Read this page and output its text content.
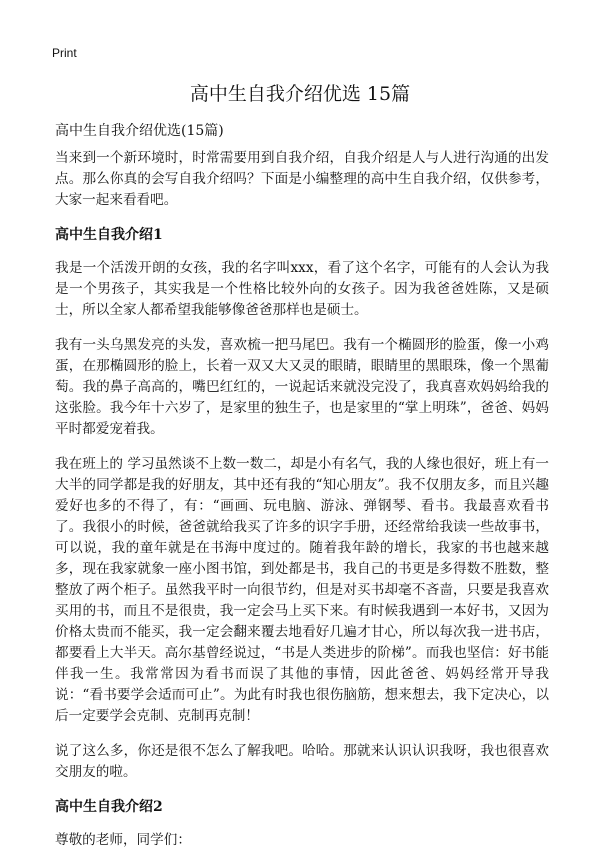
Print
高中生自我介绍优选 15篇

高中生自我介绍优选(15篇)

当来到一个新环境时，时常需要用到自我介绍，自我介绍是人与人进行沟通的出发点。那么你真的会写自我介绍吗？下面是小编整理的高中生自我介绍，仅供参考，大家一起来看看吧。

高中生自我介绍1

我是一个活泼开朗的女孩，我的名字叫xxx，看了这个名字，可能有的人会认为我是一个男孩子，其实我是一个性格比较外向的女孩子。因为我爸爸姓陈，又是硕士，所以全家人都希望我能够像爸爸那样也是硕士。

我有一头乌黑发亮的头发，喜欢梳一把马尾巴。我有一个椭圆形的脸蛋，像一小鸡蛋，在那椭圆形的脸上，长着一双又大又灵的眼睛，眼睛里的黑眼珠，像一个黑葡萄。我的鼻子高高的，嘴巴红红的，一说起话来就没完没了，我真喜欢妈妈给我的这张脸。我今年十六岁了，是家里的独生子，也是家里的“掌上明珠”，爸爸、妈妈平时都爱宠着我。

我在班上的 学习虽然谈不上数一数二，却是小有名气，我的人缘也很好，班上有一大半的同学都是我的好朋友，其中还有我的“知心朋友”。我不仅朋友多，而且兴趣爱好也多的不得了，有：“画画、玩电脑、游泳、弹钢琴、看书。我最喜欢看书了。我很小的时候，爸爸就给我买了许多的识字手册，还经常给我读一些故事书，可以说，我的童年就是在书海中度过的。随着我年龄的增长，我家的书也越来越多，现在我家就象一座小图书馆，到处都是书，我自己的书更是多得数不胜数，整整放了两个柜子。虽然我平时一向很节约，但是对买书却毫不吝啬，只要是我喜欢买用的书，而且不是很贵，我一定会马上买下来。有时候我遇到一本好书，又因为价格太贵而不能买，我一定会翻来覆去地看好几遍才甘心，所以每次我一进书店，都要看上大半天。高尔基曾经说过，“书是人类进步的阶梯”。而我也坚信：好书能伴我一生。我常常因为看书而误了其他的事情，因此爸爸、妈妈经常开导我说：“看书要学会适而可止”。为此有时我也很伤脑筋，想来想去，我下定决心，以后一定要学会克制、克制再克制！

说了这么多，你还是很不怎么了解我吧。哈哈。那就来认识认识我呀，我也很喜欢交朋友的啦。

高中生自我介绍2

尊敬的老师，同学们：
